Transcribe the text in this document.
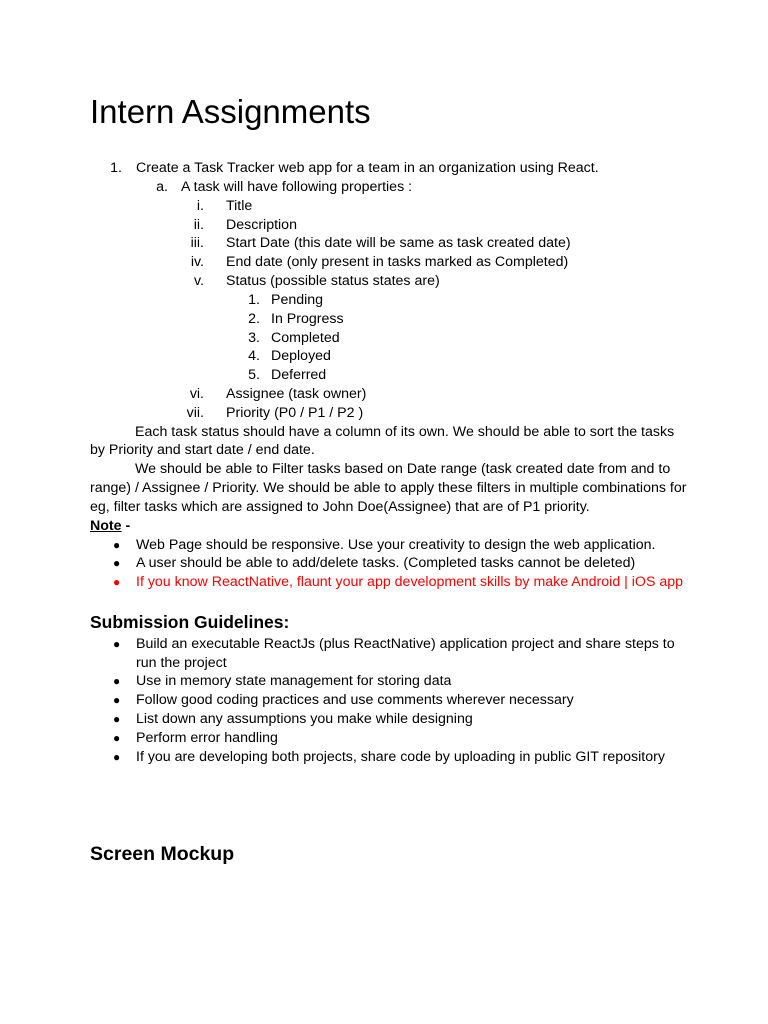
Intern Assignments
1. Create a Task Tracker web app for a team in an organization using React.
a. A task will have following properties :
i. Title
ii. Description
iii. Start Date (this date will be same as task created date)
iv. End date (only present in tasks marked as Completed)
v. Status (possible status states are)
1. Pending
2. In Progress
3. Completed
4. Deployed
5. Deferred
vi. Assignee (task owner)
vii. Priority (P0 / P1 / P2 )
Each task status should have a column of its own. We should be able to sort the tasks
by Priority and start date / end date.
We should be able to Filter tasks based on Date range (task created date from and to
range) / Assignee / Priority. We should be able to apply these filters in multiple combinations for
eg, filter tasks which are assigned to John Doe(Assignee) that are of P1 priority.
Note -
● Web Page should be responsive. Use your creativity to design the web application.
● A user should be able to add/delete tasks. (Completed tasks cannot be deleted)
● If you know ReactNative, flaunt your app development skills by make Android | iOS app
Submission Guidelines:
● Build an executable ReactJs (plus ReactNative) application project and share steps to
run the project
● Use in memory state management for storing data
● Follow good coding practices and use comments wherever necessary
● List down any assumptions you make while designing
● Perform error handling
● If you are developing both projects, share code by uploading in public GIT repository
Screen Mockup
